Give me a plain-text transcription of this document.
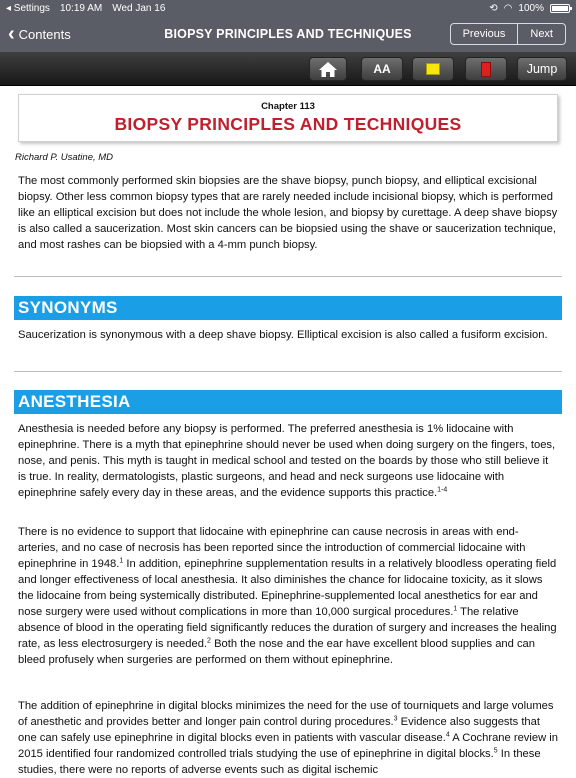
◂ Settings 10:19 AM Wed Jan 16	⟲ ◠ 100%
BIOPSY PRINCIPLES AND TECHNIQUES
‹ Contents	Previous	Next
AA	Jump
Chapter 113
BIOPSY PRINCIPLES AND TECHNIQUES
Richard P. Usatine, MD

The most commonly performed skin biopsies are the shave biopsy, punch biopsy, and elliptical excisional biopsy. Other less common biopsy types that are rarely needed include incisional biopsy, which is performed like an elliptical excision but does not include the whole lesion, and biopsy by curettage. A deep shave biopsy is also called a saucerization. Most skin cancers can be biopsied using the shave or saucerization technique, and most rashes can be biopsied with a 4-mm punch biopsy.

SYNONYMS

Saucerization is synonymous with a deep shave biopsy. Elliptical excision is also called a fusiform excision.

ANESTHESIA

Anesthesia is needed before any biopsy is performed. The preferred anesthesia is 1% lidocaine with epinephrine. There is a myth that epinephrine should never be used when doing surgery on the fingers, toes, nose, and penis. This myth is taught in medical school and tested on the boards by those who still believe it is true. In reality, dermatologists, plastic surgeons, and head and neck surgeons use lidocaine with epinephrine safely every day in these areas, and the evidence supports this practice.$^{1-4}$

There is no evidence to support that lidocaine with epinephrine can cause necrosis in areas with end-arteries, and no case of necrosis has been reported since the introduction of commercial lidocaine with epinephrine in 1948.$^1$ In addition, epinephrine supplementation results in a relatively bloodless operating field and longer effectiveness of local anesthesia. It also diminishes the chance for lidocaine toxicity, as it slows the lidocaine from being systemically distributed. Epinephrine-supplemented local anesthetics for ear and nose surgery were used without complications in more than 10,000 surgical procedures.$^1$ The relative absence of blood in the operating field significantly reduces the duration of surgery and increases the healing rate, as less electrosurgery is needed.$^2$ Both the nose and the ear have excellent blood supplies and can bleed profusely when surgeries are performed on them without epinephrine.

The addition of epinephrine in digital blocks minimizes the need for the use of tourniquets and large volumes of anesthetic and provides better and longer pain control during procedures.$^3$ Evidence also suggests that one can safely use epinephrine in digital blocks even in patients with vascular disease.$^4$ A Cochrane review in 2015 identified four randomized controlled trials studying the use of epinephrine in digital blocks.$^5$ In these studies, there were no reports of adverse events such as digital ischemic
